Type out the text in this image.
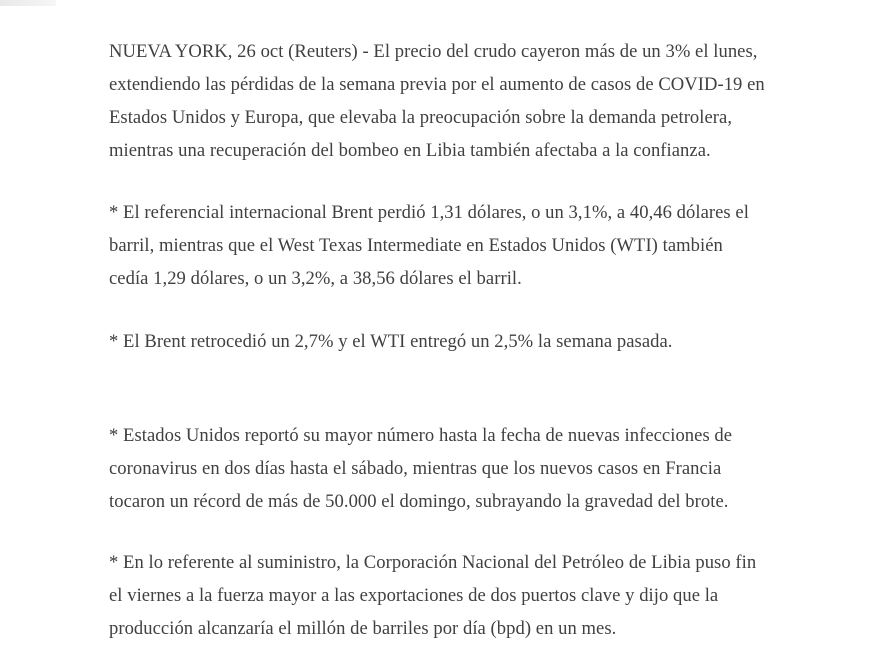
NUEVA YORK, 26 oct (Reuters) - El precio del crudo cayeron más de un 3% el lunes,
extendiendo las pérdidas de la semana previa por el aumento de casos de COVID-19 en
Estados Unidos y Europa, que elevaba la preocupación sobre la demanda petrolera,
mientras una recuperación del bombeo en Libia también afectaba a la confianza.

* El referencial internacional Brent perdió 1,31 dólares, o un 3,1%, a 40,46 dólares el
barril, mientras que el West Texas Intermediate en Estados Unidos (WTI) también
cedía 1,29 dólares, o un 3,2%, a 38,56 dólares el barril.

* El Brent retrocedió un 2,7% y el WTI entregó un 2,5% la semana pasada.

* Estados Unidos reportó su mayor número hasta la fecha de nuevas infecciones de
coronavirus en dos días hasta el sábado, mientras que los nuevos casos en Francia
tocaron un récord de más de 50.000 el domingo, subrayando la gravedad del brote.

* En lo referente al suministro, la Corporación Nacional del Petróleo de Libia puso fin
el viernes a la fuerza mayor a las exportaciones de dos puertos clave y dijo que la
producción alcanzaría el millón de barriles por día (bpd) en un mes.
